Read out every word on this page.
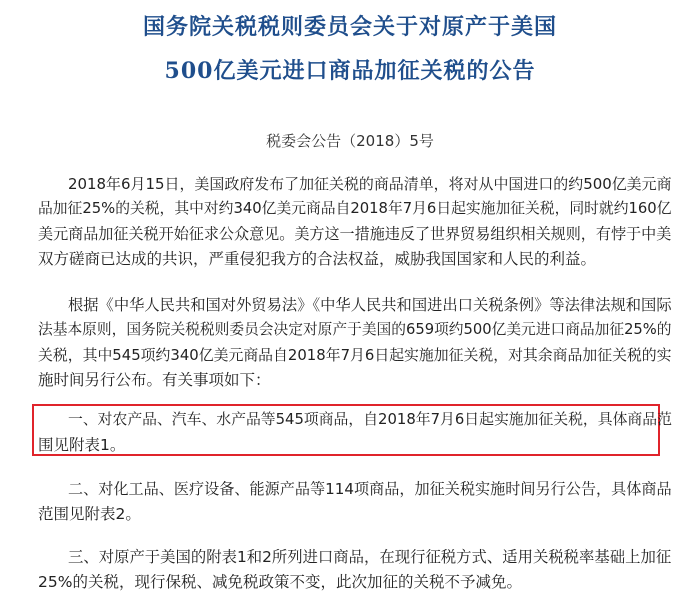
国务院关税税则委员会关于对原产于美国
500亿美元进口商品加征关税的公告
税委会公告（2018）5号
2018年6月15日，美国政府发布了加征关税的商品清单，将对从中国进口的约500亿美元商
品加征25%的关税，其中对约340亿美元商品自2018年7月6日起实施加征关税，同时就约160亿
美元商品加征关税开始征求公众意见。美方这一措施违反了世界贸易组织相关规则，有悖于中美
双方磋商已达成的共识，严重侵犯我方的合法权益，威胁我国国家和人民的利益。
根据《中华人民共和国对外贸易法》《中华人民共和国进出口关税条例》等法律法规和国际
法基本原则，国务院关税税则委员会决定对原产于美国的659项约500亿美元进口商品加征25%的
关税，其中545项约340亿美元商品自2018年7月6日起实施加征关税，对其余商品加征关税的实
施时间另行公布。有关事项如下：
一、对农产品、汽车、水产品等545项商品，自2018年7月6日起实施加征关税，具体商品范
围见附表1。
二、对化工品、医疗设备、能源产品等114项商品，加征关税实施时间另行公告，具体商品
范围见附表2。
三、对原产于美国的附表1和2所列进口商品，在现行征税方式、适用关税税率基础上加征
25%的关税，现行保税、减免税政策不变，此次加征的关税不予减免。
